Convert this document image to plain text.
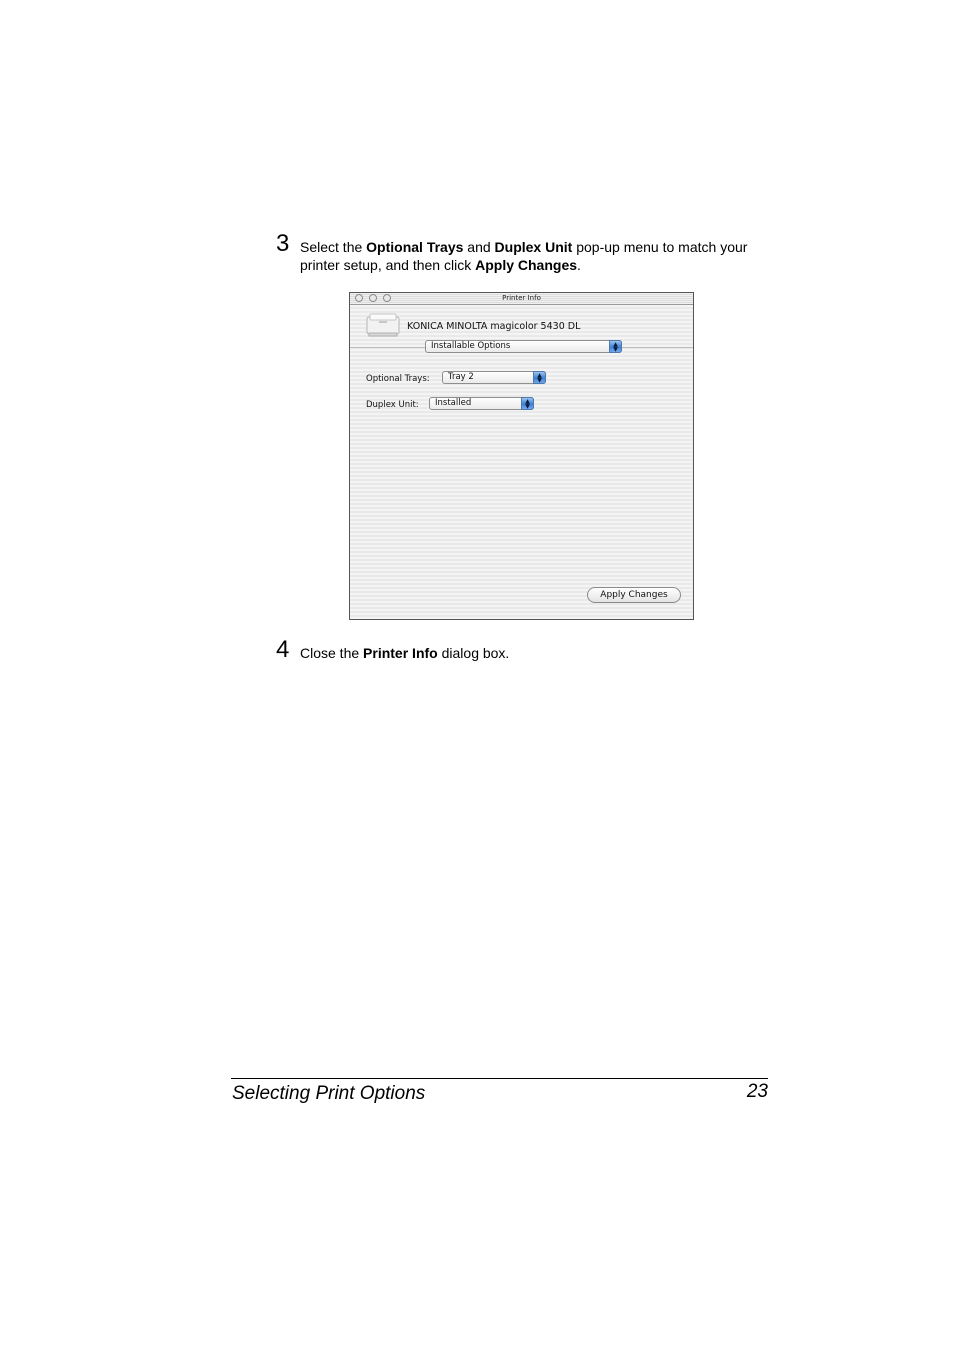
3 Select the Optional Trays and Duplex Unit pop-up menu to match your printer setup, and then click Apply Changes.
Printer Info
KONICA MINOLTA magicolor 5430 DL
Installable Options	▲
▼
Optional Trays:	Tray 2	▲
▼
Duplex Unit:	Installed	▲
▼
Apply Changes
4 Close the Printer Info dialog box.
Selecting Print Options	23
